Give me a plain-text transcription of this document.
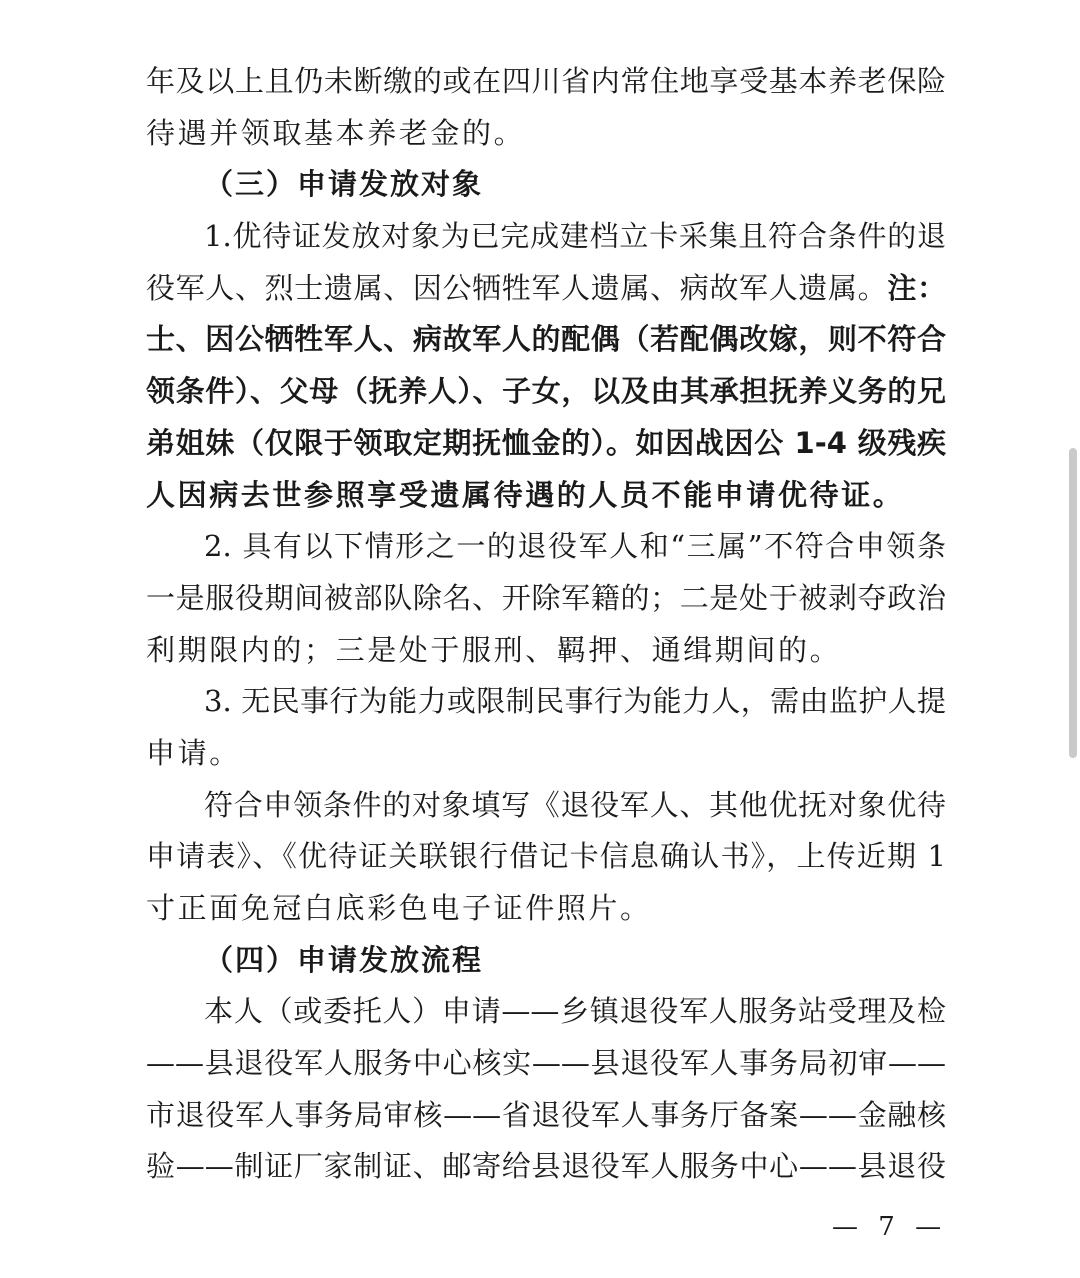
年及以上且仍未断缴的或在四川省内常住地享受基本养老保险
待遇并领取基本养老金的。
（三）申请发放对象
1.优待证发放对象为已完成建档立卡采集且符合条件的退
役军人、烈士遗属、因公牺牲军人遗属、病故军人遗属。注：
士、因公牺牲军人、病故军人的配偶（若配偶改嫁，则不符合
领条件）、父母（抚养人）、子女，以及由其承担抚养义务的兄
弟姐妹（仅限于领取定期抚恤金的）。如因战因公 1-4 级残疾
人因病去世参照享受遗属待遇的人员不能申请优待证。
2. 具有以下情形之一的退役军人和“三属”不符合申领条
一是服役期间被部队除名、开除军籍的；二是处于被剥夺政治
利期限内的；三是处于服刑、羁押、通缉期间的。
3. 无民事行为能力或限制民事行为能力人，需由监护人提
申请。
符合申领条件的对象填写《退役军人、其他优抚对象优待
申请表》、《优待证关联银行借记卡信息确认书》，上传近期 1
寸正面免冠白底彩色电子证件照片。
（四）申请发放流程
本人（或委托人）申请——乡镇退役军人服务站受理及检
——县退役军人服务中心核实——县退役军人事务局初审——
市退役军人事务局审核——省退役军人事务厅备案——金融核
验——制证厂家制证、邮寄给县退役军人服务中心——县退役
— 7 —
